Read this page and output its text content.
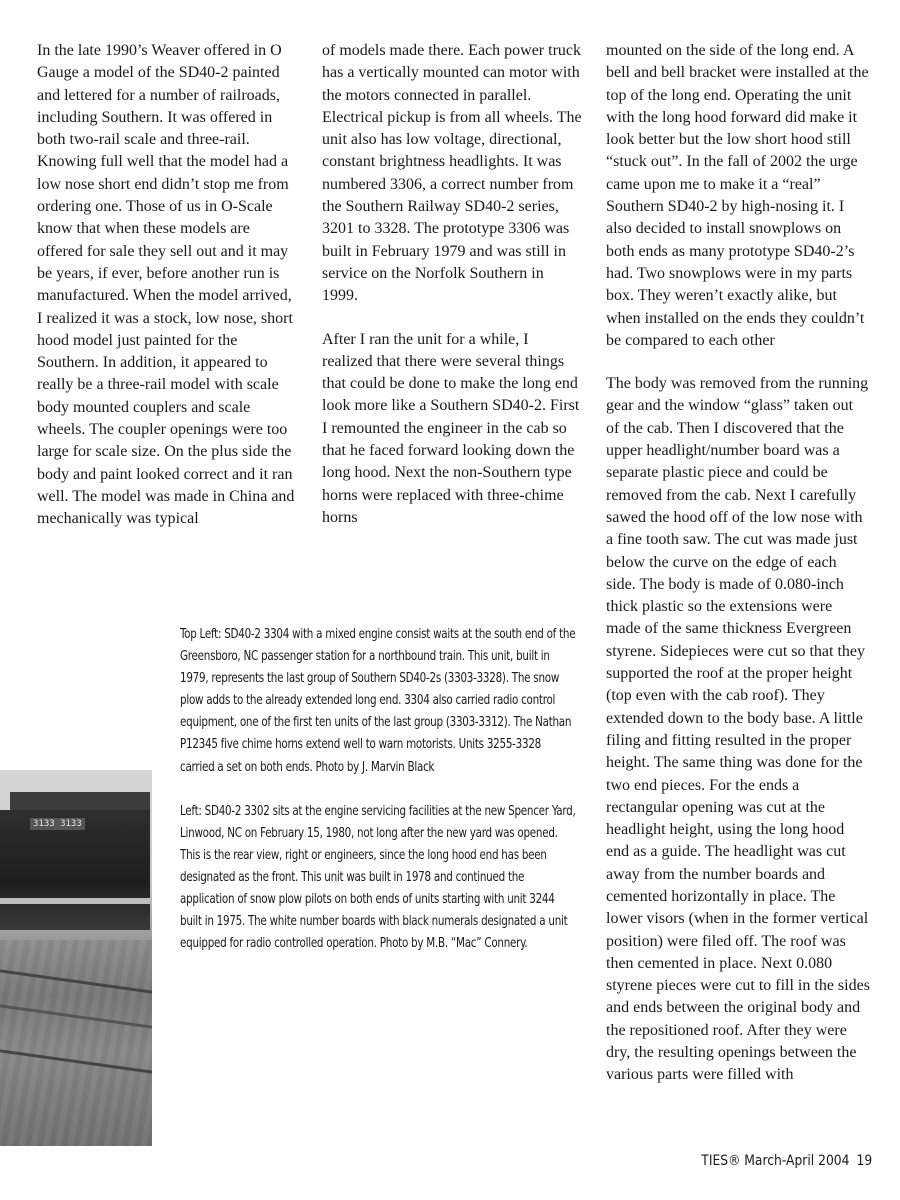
In the late 1990’s Weaver offered in O Gauge a model of the SD40-2 painted and lettered for a number of railroads, including Southern. It was offered in both two-rail scale and three-rail. Knowing full well that the model had a low nose short end didn’t stop me from ordering one. Those of us in O-Scale know that when these models are offered for sale they sell out and it may be years, if ever, before another run is manufactured. When the model arrived, I realized it was a stock, low nose, short hood model just painted for the Southern. In addition, it appeared to really be a three-rail model with scale body mounted couplers and scale wheels. The coupler openings were too large for scale size. On the plus side the body and paint looked correct and it ran well. The model was made in China and mechanically was typical

of models made there. Each power truck has a vertically mounted can motor with the motors connected in parallel. Electrical pickup is from all wheels. The unit also has low voltage, directional, constant brightness headlights. It was numbered 3306, a correct number from the Southern Railway SD40-2 series, 3201 to 3328. The prototype 3306 was built in February 1979 and was still in service on the Norfolk Southern in 1999.

After I ran the unit for a while, I realized that there were several things that could be done to make the long end look more like a Southern SD40-2. First I remounted the engineer in the cab so that he faced forward looking down the long hood. Next the non-Southern type horns were replaced with three-chime horns

mounted on the side of the long end. A bell and bell bracket were installed at the top of the long end. Operating the unit with the long hood forward did make it look better but the low short hood still “stuck out”. In the fall of 2002 the urge came upon me to make it a “real” Southern SD40-2 by high-nosing it. I also decided to install snowplows on both ends as many prototype SD40-2’s had. Two snowplows were in my parts box. They weren’t exactly alike, but when installed on the ends they couldn’t be compared to each other

The body was removed from the running gear and the window “glass” taken out of the cab. Then I discovered that the upper headlight/number board was a separate plastic piece and could be removed from the cab. Next I carefully sawed the hood off of the low nose with a fine tooth saw. The cut was made just below the curve on the edge of each side. The body is made of 0.080-inch thick plastic so the extensions were made of the same thickness Evergreen styrene. Sidepieces were cut so that they supported the roof at the proper height (top even with the cab roof). They extended down to the body base. A little filing and fitting resulted in the proper height. The same thing was done for the two end pieces. For the ends a rectangular opening was cut at the headlight height, using the long hood end as a guide. The headlight was cut away from the number boards and cemented horizontally in place. The lower visors (when in the former vertical position) were filed off. The roof was then cemented in place. Next 0.080 styrene pieces were cut to fill in the sides and ends between the original body and the repositioned roof. After they were dry, the resulting openings between the various parts were filled with

Top Left: SD40-2 3304 with a mixed engine consist waits at the south end of the Greensboro, NC passenger station for a northbound train. This unit, built in 1979, represents the last group of Southern SD40-2s (3303-3328). The snow plow adds to the already extended long end. 3304 also carried radio control equipment, one of the first ten units of the last group (3303-3312). The Nathan P12345 five chime horns extend well to warn motorists. Units 3255-3328 carried a set on both ends. Photo by J. Marvin Black

Left: SD40-2 3302 sits at the engine servicing facilities at the new Spencer Yard, Linwood, NC on February 15, 1980, not long after the new yard was opened. This is the rear view, right or engineers, since the long hood end has been designated as the front. This unit was built in 1978 and continued the application of snow plow pilots on both ends of units starting with unit 3244 built in 1975. The white number boards with black numerals designated a unit equipped for radio controlled operation. Photo by M.B. “Mac” Connery.

3133 3133
TIES® March-April 2004 19
